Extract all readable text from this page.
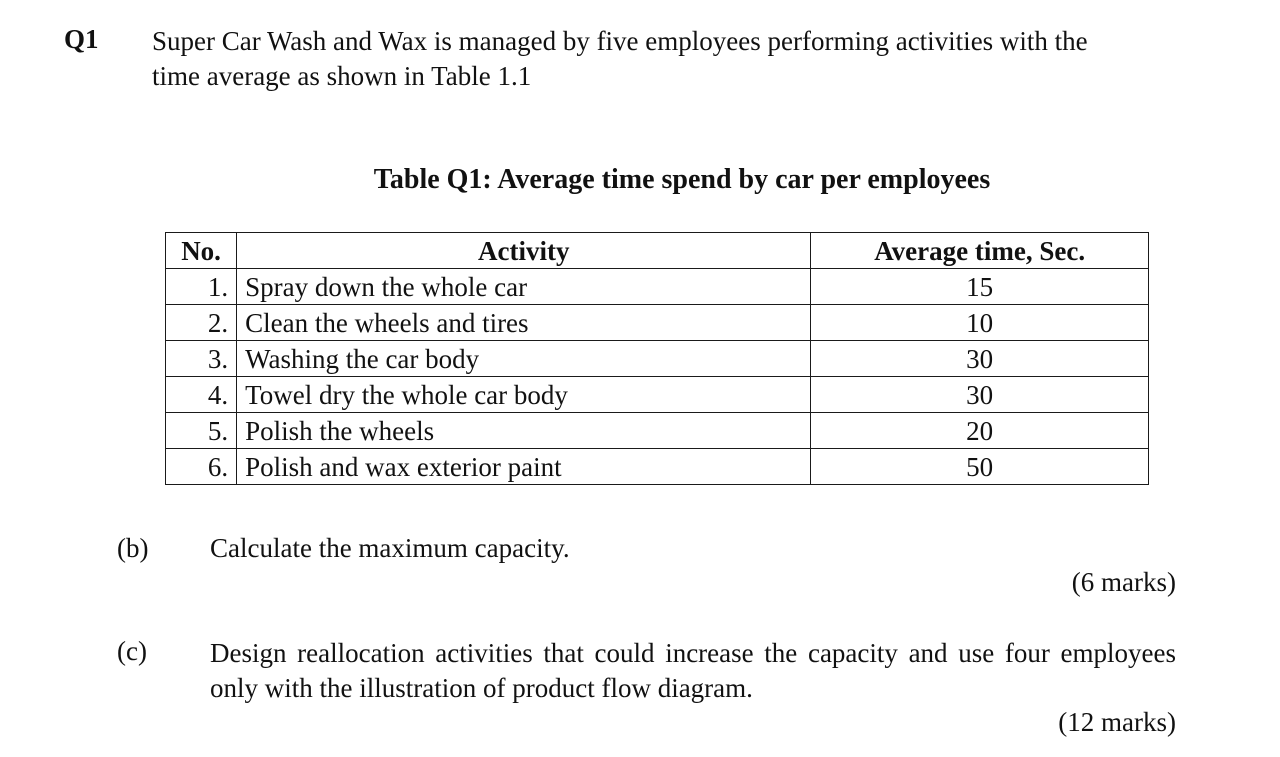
Q1 Super Car Wash and Wax is managed by five employees performing activities with the
time average as shown in Table 1.1
Table Q1: Average time spend by car per employees
No.	Activity	Average time, Sec.
1.	Spray down the whole car	15
2.	Clean the wheels and tires	10
3.	Washing the car body	30
4.	Towel dry the whole car body	30
5.	Polish the wheels	20
6.	Polish and wax exterior paint	50
(b) Calculate the maximum capacity.
(6 marks)
(c) Design reallocation activities that could increase the capacity and use four employees only with the illustration of product flow diagram.
(12 marks)
